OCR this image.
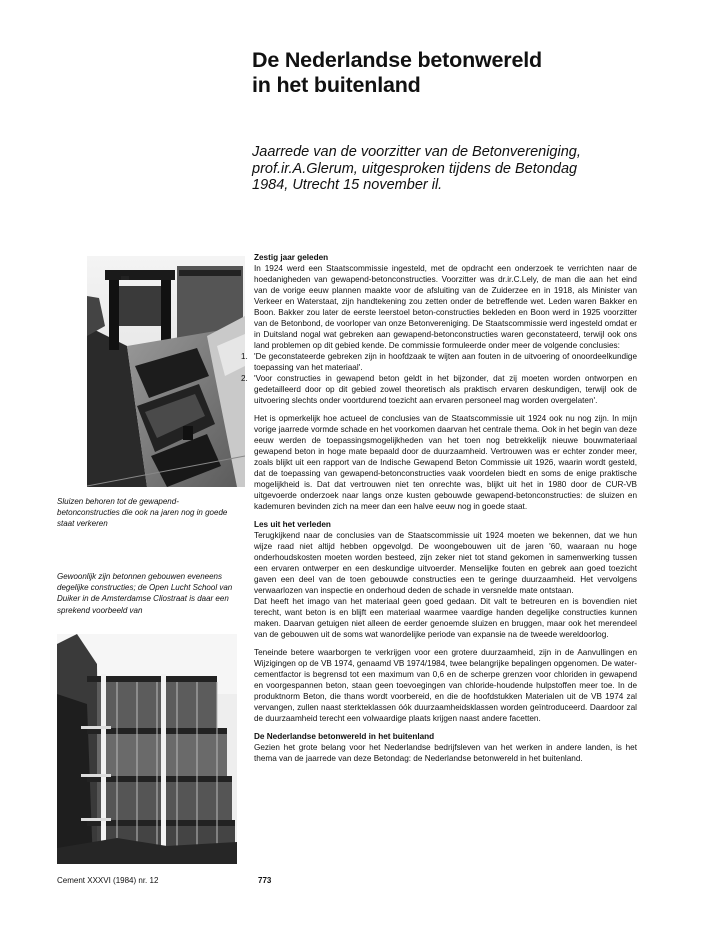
De Nederlandse betonwereld
in het buitenland

Jaarrede van de voorzitter van de Betonvereniging,
prof.ir.A.Glerum, uitgesproken tijdens de Betondag
1984, Utrecht 15 november il.

Sluizen behoren tot de gewapend-betonconstructies die ook na jaren nog in goede staat verkeren

Gewoonlijk zijn betonnen gebouwen eveneens degelijke constructies; de Open Lucht School van Duiker in de Amsterdamse Cliostraat is daar een sprekend voorbeeld van

Zestig jaar geleden

In 1924 werd een Staatscommissie ingesteld, met de opdracht een onderzoek te verrichten naar de hoedanigheden van gewapend-betonconstructies. Voorzitter was dr.ir.C.Lely, de man die aan het eind van de vorige eeuw plannen maakte voor de afsluiting van de Zuiderzee en in 1918, als Minister van Verkeer en Waterstaat, zijn handtekening zou zetten onder de betreffende wet. Leden waren Bakker en Boon. Bakker zou later de eerste leerstoel beton-constructies bekleden en Boon werd in 1925 voorzitter van de Betonbond, de voorloper van onze Betonvereniging. De Staatscommissie werd ingesteld omdat er in Duitsland nogal wat gebreken aan gewapend-betonconstructies waren geconstateerd, terwijl ook ons land problemen op dit gebied kende. De commissie formuleerde onder meer de volgende conclusies:

1. 'De geconstateerde gebreken zijn in hoofdzaak te wijten aan fouten in de uitvoering of onoordeelkundige toepassing van het materiaal'.

2. 'Voor constructies in gewapend beton geldt in het bijzonder, dat zij moeten worden ontworpen en gedetailleerd door op dit gebied zowel theoretisch als praktisch ervaren deskundigen, terwijl ook de uitvoering slechts onder voortdurend toezicht aan ervaren personeel mag worden overgelaten'.

Het is opmerkelijk hoe actueel de conclusies van de Staatscommissie uit 1924 ook nu nog zijn. In mijn vorige jaarrede vormde schade en het voorkomen daarvan het centrale thema. Ook in het begin van deze eeuw werden de toepassingsmogelijkheden van het toen nog betrekkelijk nieuwe bouwmateriaal gewapend beton in hoge mate bepaald door de duurzaamheid. Vertrouwen was er echter zonder meer, zoals blijkt uit een rapport van de Indische Gewapend Beton Commissie uit 1926, waarin wordt gesteld, dat de toepassing van gewapend-betonconstructies vaak voordelen biedt en soms de enige praktische mogelijkheid is. Dat dat vertrouwen niet ten onrechte was, blijkt uit het in 1980 door de CUR-VB uitgevoerde onderzoek naar langs onze kusten gebouwde gewapend-betonconstructies: de sluizen en kademuren bevinden zich na meer dan een halve eeuw nog in goede staat.

Les uit het verleden

Terugkijkend naar de conclusies van de Staatscommissie uit 1924 moeten we bekennen, dat we hun wijze raad niet altijd hebben opgevolgd. De woongebouwen uit de jaren '60, waaraan nu hoge onderhoudskosten moeten worden besteed, zijn zeker niet tot stand gekomen in samenwerking tussen een ervaren ontwerper en een deskundige uitvoerder. Menselijke fouten en gebrek aan goed toezicht gaven een deel van de toen gebouwde constructies een te geringe duurzaamheid. Het vervolgens verwaarlozen van inspectie en onderhoud deden de schade in versnelde mate ontstaan.

Dat heeft het imago van het materiaal geen goed gedaan. Dit valt te betreuren en is bovendien niet terecht, want beton is en blijft een materiaal waarmee vaardige handen degelijke constructies kunnen maken. Daarvan getuigen niet alleen de eerder genoemde sluizen en bruggen, maar ook het merendeel van de gebouwen uit de soms wat wanordelijke periode van expansie na de tweede wereldoorlog.

Teneinde betere waarborgen te verkrijgen voor een grotere duurzaamheid, zijn in de Aanvullingen en Wijzigingen op de VB 1974, genaamd VB 1974/1984, twee belangrijke bepalingen opgenomen. De water-cementfactor is begrensd tot een maximum van 0,6 en de scherpe grenzen voor chloriden in gewapend en voorgespannen beton, staan geen toevoegingen van chloride-houdende hulpstoffen meer toe. In de produktnorm Beton, die thans wordt voorbereid, en die de hoofdstukken Materialen uit de VB 1974 zal vervangen, zullen naast sterkteklassen óók duurzaamheidsklassen worden geïntroduceerd. Daardoor zal de duurzaamheid terecht een volwaardige plaats krijgen naast andere facetten.

De Nederlandse betonwereld in het buitenland

Gezien het grote belang voor het Nederlandse bedrijfsleven van het werken in andere landen, is het thema van de jaarrede van deze Betondag: de Nederlandse betonwereld in het buitenland.

Cement XXXVI (1984) nr. 12	773
